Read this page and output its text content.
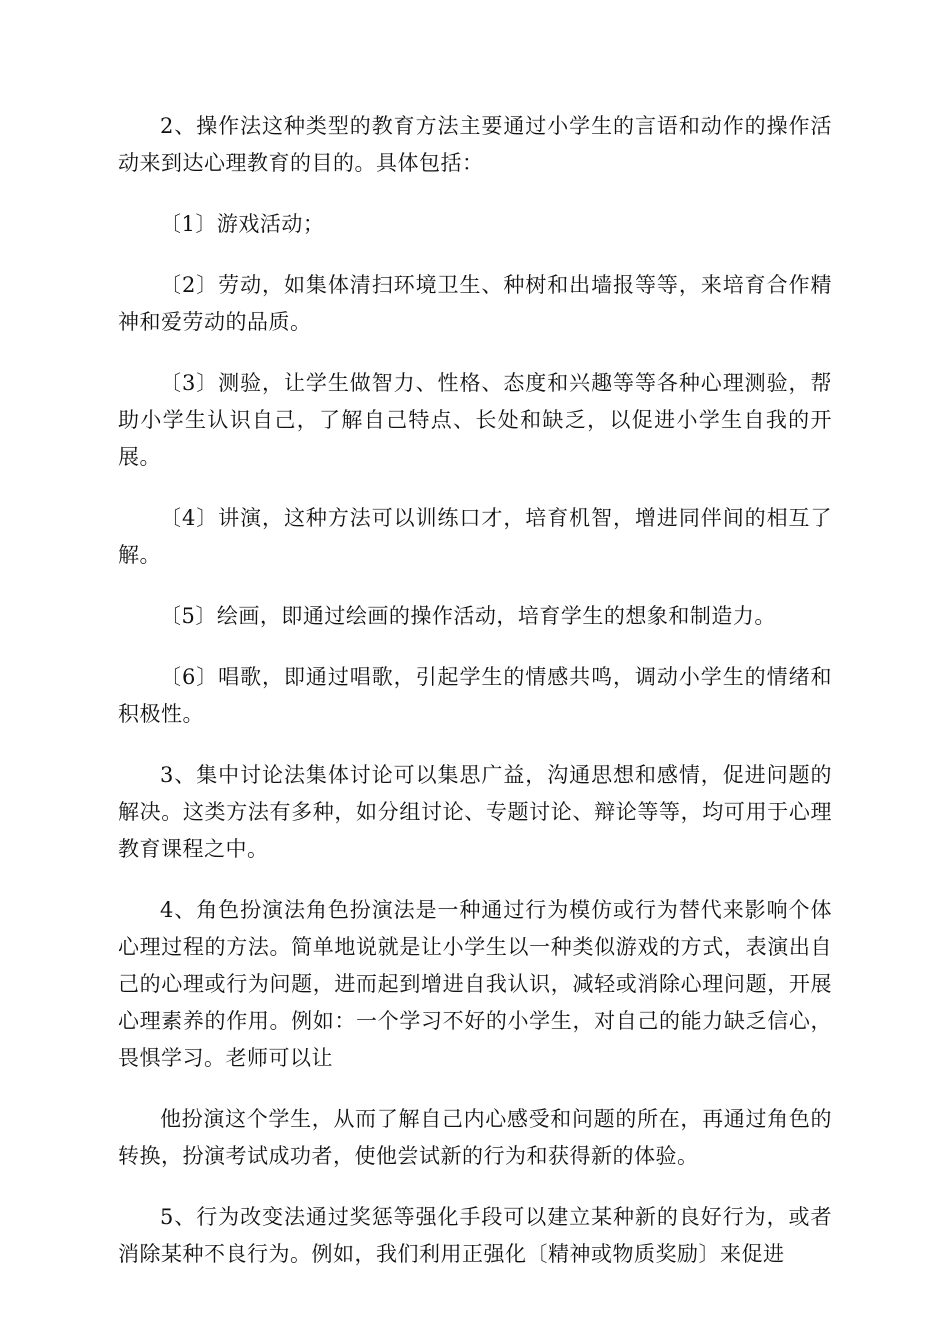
2、操作法这种类型的教育方法主要通过小学生的言语和动作的操作活动来到达心理教育的目的。具体包括：

〔1〕游戏活动；

〔2〕劳动，如集体清扫环境卫生、种树和出墙报等等，来培育合作精神和爱劳动的品质。

〔3〕测验，让学生做智力、性格、态度和兴趣等等各种心理测验，帮助小学生认识自己，了解自己特点、长处和缺乏，以促进小学生自我的开展。

〔4〕讲演，这种方法可以训练口才，培育机智，增进同伴间的相互了解。

〔5〕绘画，即通过绘画的操作活动，培育学生的想象和制造力。

〔6〕唱歌，即通过唱歌，引起学生的情感共鸣，调动小学生的情绪和积极性。

3、集中讨论法集体讨论可以集思广益，沟通思想和感情，促进问题的解决。这类方法有多种，如分组讨论、专题讨论、辩论等等，均可用于心理教育课程之中。

4、角色扮演法角色扮演法是一种通过行为模仿或行为替代来影响个体心理过程的方法。简单地说就是让小学生以一种类似游戏的方式，表演出自己的心理或行为问题，进而起到增进自我认识，减轻或消除心理问题，开展心理素养的作用。例如：一个学习不好的小学生，对自己的能力缺乏信心，畏惧学习。老师可以让

他扮演这个学生，从而了解自己内心感受和问题的所在，再通过角色的转换，扮演考试成功者，使他尝试新的行为和获得新的体验。

5、行为改变法通过奖惩等强化手段可以建立某种新的良好行为，或者消除某种不良行为。例如，我们利用正强化〔精神或物质奖励〕来促进
